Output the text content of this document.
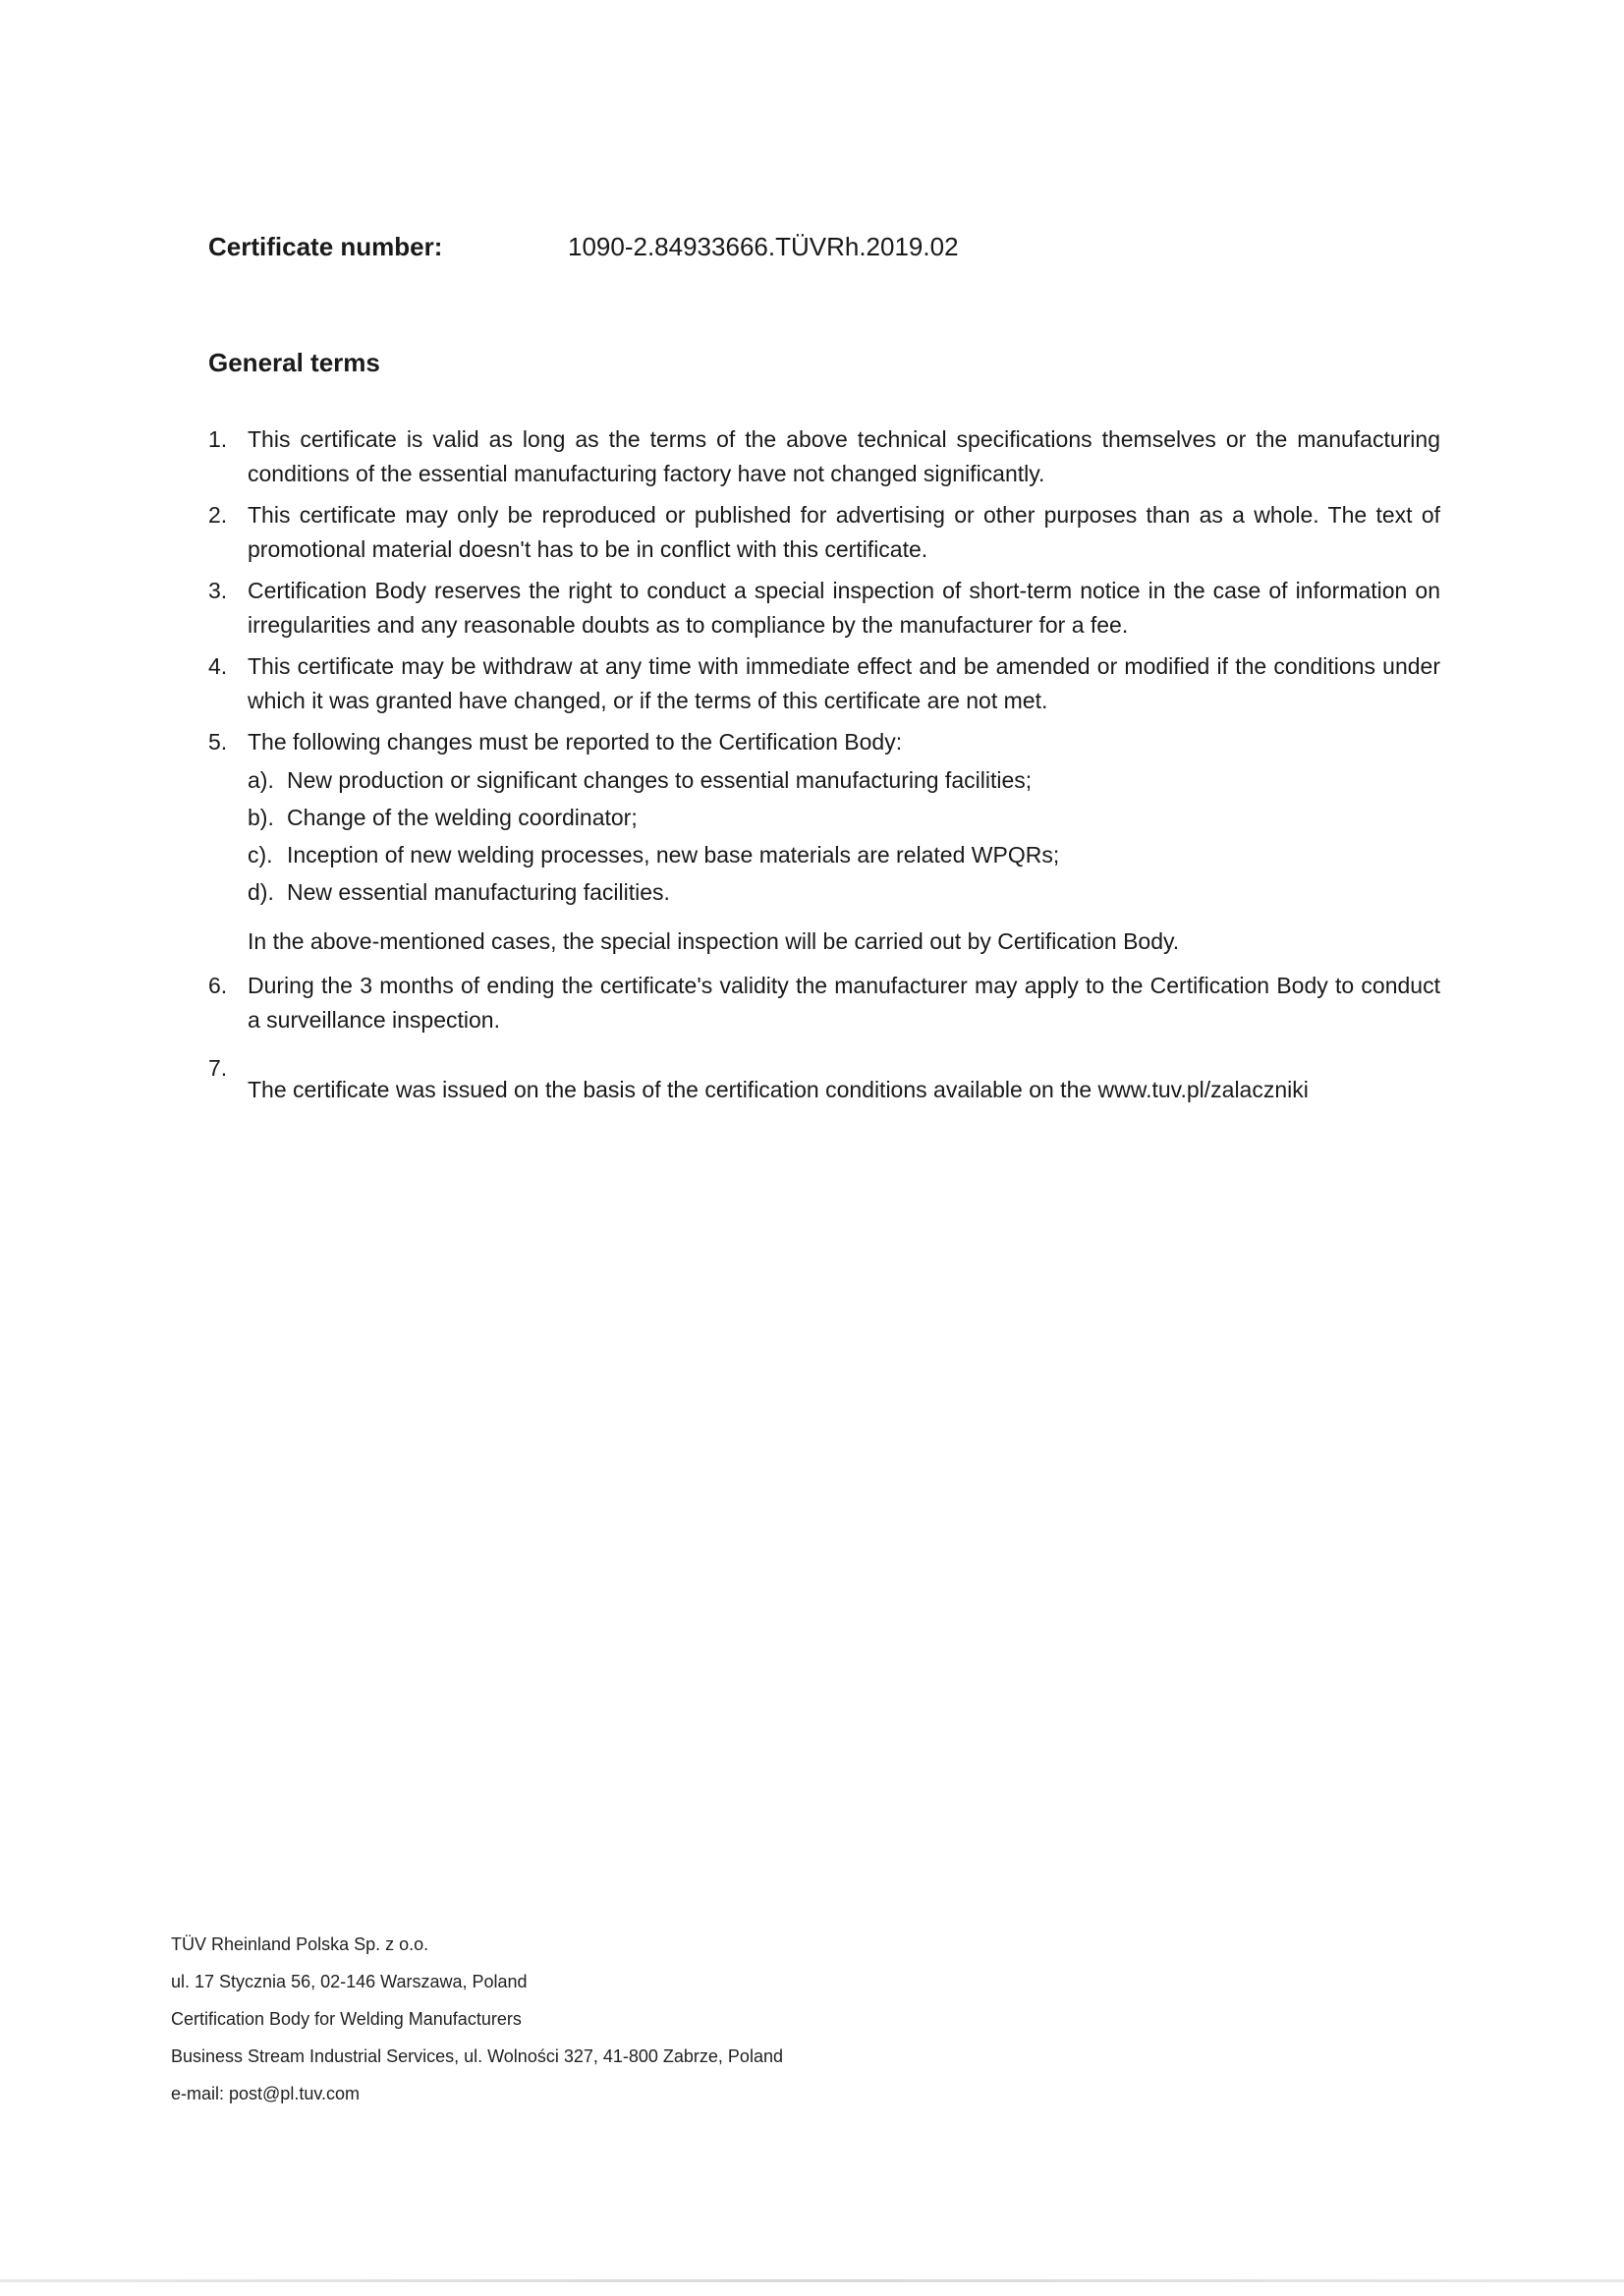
Certificate number:	1090-2.84933666.TÜVRh.2019.02
General terms
1. This certificate is valid as long as the terms of the above technical specifications themselves or the manufacturing conditions of the essential manufacturing factory have not changed significantly.
2. This certificate may only be reproduced or published for advertising or other purposes than as a whole. The text of promotional material doesn't has to be in conflict with this certificate.
3. Certification Body reserves the right to conduct a special inspection of short-term notice in the case of information on irregularities and any reasonable doubts as to compliance by the manufacturer for a fee.
4. This certificate may be withdraw at any time with immediate effect and be amended or modified if the conditions under which it was granted have changed, or if the terms of this certificate are not met.
5. The following changes must be reported to the Certification Body:
a). New production or significant changes to essential manufacturing facilities;
b). Change of the welding coordinator;
c). Inception of new welding processes, new base materials are related WPQRs;
d). New essential manufacturing facilities.
In the above-mentioned cases, the special inspection will be carried out by Certification Body.
6. During the 3 months of ending the certificate's validity the manufacturer may apply to the Certification Body to conduct a surveillance inspection.
7.
The certificate was issued on the basis of the certification conditions available on the www.tuv.pl/zalaczniki
TÜV Rheinland Polska Sp. z o.o.
ul. 17 Stycznia 56, 02-146 Warszawa, Poland
Certification Body for Welding Manufacturers
Business Stream Industrial Services, ul. Wolności 327, 41-800 Zabrze, Poland
e-mail: post@pl.tuv.com
